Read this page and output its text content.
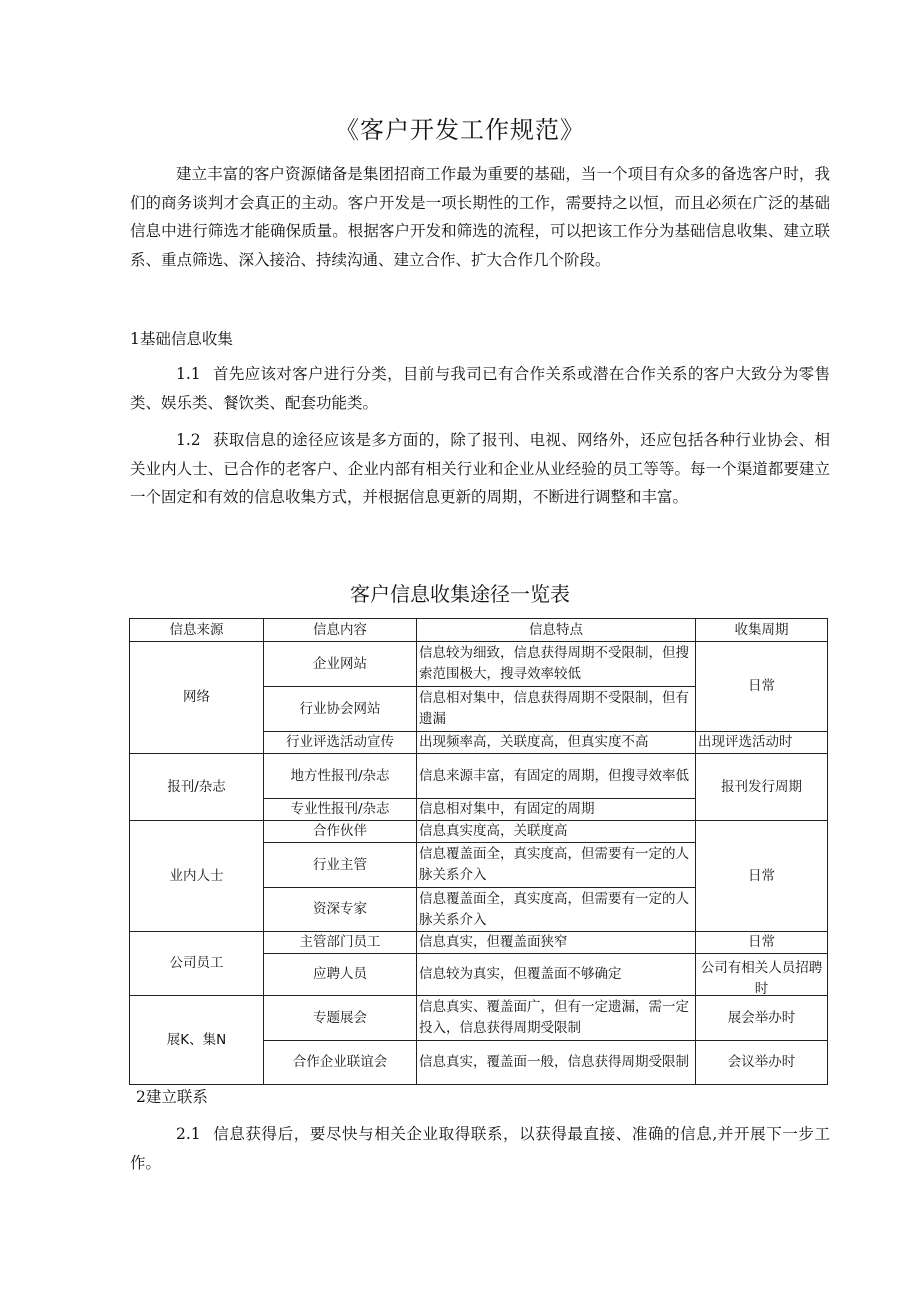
《客户开发工作规范》

建立丰富的客户资源储备是集团招商工作最为重要的基础，当一个项目有众多的备选客户时，我们的商务谈判才会真正的主动。客户开发是一项长期性的工作，需要持之以恒，而且必须在广泛的基础信息中进行筛选才能确保质量。根据客户开发和筛选的流程，可以把该工作分为基础信息收集、建立联系、重点筛选、深入接洽、持续沟通、建立合作、扩大合作几个阶段。

1基础信息收集

1.1 首先应该对客户进行分类，目前与我司已有合作关系或潜在合作关系的客户大致分为零售类、娱乐类、餐饮类、配套功能类。

1.2 获取信息的途径应该是多方面的，除了报刊、电视、网络外，还应包括各种行业协会、相关业内人士、已合作的老客户、企业内部有相关行业和企业从业经验的员工等等。每一个渠道都要建立一个固定和有效的信息收集方式，并根据信息更新的周期，不断进行调整和丰富。

客户信息收集途径一览表
信息来源	信息内容	信息特点	收集周期
网络	企业网站	信息较为细致，信息获得周期不受限制，但搜索范围极大，搜寻效率较低	日常
	行业协会网站	信息相对集中，信息获得周期不受限制，但有遗漏	
	行业评选活动宣传	出现频率高，关联度高，但真实度不高	出现评选活动时
报刊/杂志	地方性报刊/杂志	信息来源丰富，有固定的周期，但搜寻效率低	报刊发行周期
	专业性报刊/杂志	信息相对集中，有固定的周期	
业内人士	合作伙伴	信息真实度高，关联度高	日常
	行业主管	信息覆盖面全，真实度高，但需要有一定的人脉关系介入	
	资深专家	信息覆盖面全，真实度高，但需要有一定的人脉关系介入	
公司员工	主管部门员工	信息真实，但覆盖面狭窄	日常
	应聘人员	信息较为真实，但覆盖面不够确定	公司有相关人员招聘时

展K、集N	专题展会	信息真实、覆盖面广，但有一定遗漏，需一定投入，信息获得周期受限制	展会举办时
	合作企业联谊会	信息真实，覆盖面一般，信息获得周期受限制	会议举办时
2建立联系

2.1 信息获得后，要尽快与相关企业取得联系，以获得最直接、准确的信息,并开展下一步工作。
